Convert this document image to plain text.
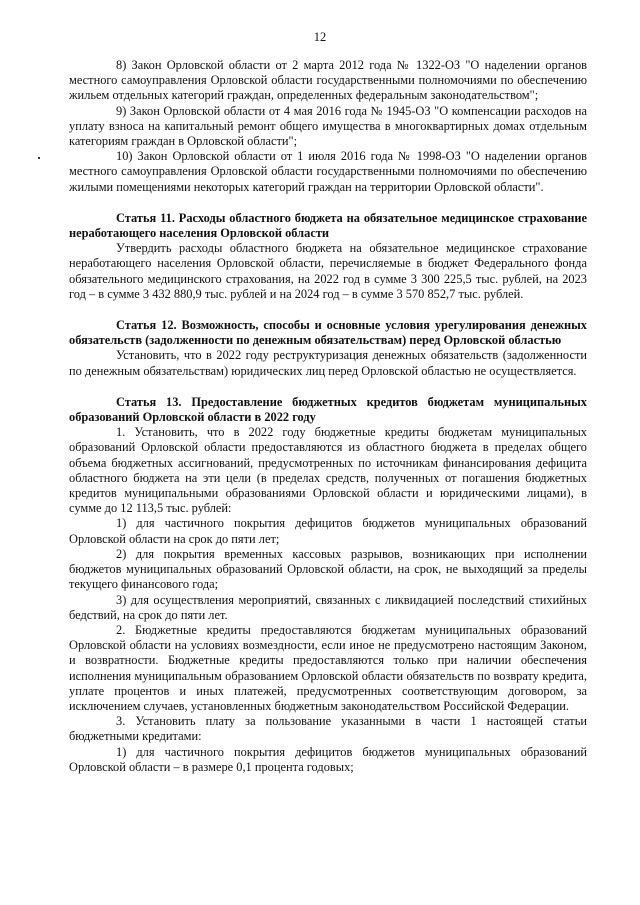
12

8) Закон Орловской области от 2 марта 2012 года № 1322-ОЗ "О наделении органов местного самоуправления Орловской области государственными полномочиями по обеспечению жильем отдельных категорий граждан, определенных федеральным законодательством";

9) Закон Орловской области от 4 мая 2016 года № 1945-ОЗ "О компенсации расходов на уплату взноса на капитальный ремонт общего имущества в многоквартирных домах отдельным категориям граждан в Орловской области";

10) Закон Орловской области от 1 июля 2016 года № 1998-ОЗ "О наделении органов местного самоуправления Орловской области государственными полномочиями по обеспечению жилыми помещениями некоторых категорий граждан на территории Орловской области".

Статья 11. Расходы областного бюджета на обязательное медицинское страхование неработающего населения Орловской области

Утвердить расходы областного бюджета на обязательное медицинское страхование неработающего населения Орловской области, перечисляемые в бюджет Федерального фонда обязательного медицинского страхования, на 2022 год в сумме 3 300 225,5 тыс. рублей, на 2023 год – в сумме 3 432 880,9 тыс. рублей и на 2024 год – в сумме 3 570 852,7 тыс. рублей.

Статья 12. Возможность, способы и основные условия урегулирования денежных обязательств (задолженности по денежным обязательствам) перед Орловской областью

Установить, что в 2022 году реструктуризация денежных обязательств (задолженности по денежным обязательствам) юридических лиц перед Орловской областью не осуществляется.

Статья 13. Предоставление бюджетных кредитов бюджетам муниципальных образований Орловской области в 2022 году

1. Установить, что в 2022 году бюджетные кредиты бюджетам муниципальных образований Орловской области предоставляются из областного бюджета в пределах общего объема бюджетных ассигнований, предусмотренных по источникам финансирования дефицита областного бюджета на эти цели (в пределах средств, полученных от погашения бюджетных кредитов муниципальными образованиями Орловской области и юридическими лицами), в сумме до 12 113,5 тыс. рублей:

1) для частичного покрытия дефицитов бюджетов муниципальных образований Орловской области на срок до пяти лет;

2) для покрытия временных кассовых разрывов, возникающих при исполнении бюджетов муниципальных образований Орловской области, на срок, не выходящий за пределы текущего финансового года;

3) для осуществления мероприятий, связанных с ликвидацией последствий стихийных бедствий, на срок до пяти лет.

2. Бюджетные кредиты предоставляются бюджетам муниципальных образований Орловской области на условиях возмездности, если иное не предусмотрено настоящим Законом, и возвратности. Бюджетные кредиты предоставляются только при наличии обеспечения исполнения муниципальным образованием Орловской области обязательств по возврату кредита, уплате процентов и иных платежей, предусмотренных соответствующим договором, за исключением случаев, установленных бюджетным законодательством Российской Федерации.

3. Установить плату за пользование указанными в части 1 настоящей статьи бюджетными кредитами:

1) для частичного покрытия дефицитов бюджетов муниципальных образований Орловской области – в размере 0,1 процента годовых;
